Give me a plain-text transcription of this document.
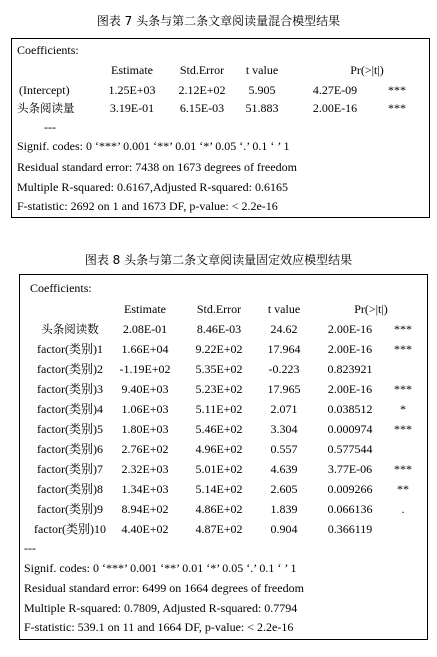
图表 7 头条与第二条文章阅读量混合模型结果
Coefficients:
Estimate	Std.Error	t value	Pr(>|t|)
(Intercept)	1.25E+03	2.12E+02	5.905	4.27E-09	***
头条阅读量	3.19E-01	6.15E-03	51.883	2.00E-16	***
---
Signif. codes: 0 ‘***’ 0.001 ‘**’ 0.01 ‘*’ 0.05 ‘.’ 0.1 ‘ ’ 1
Residual standard error: 7438 on 1673 degrees of freedom
Multiple R-squared: 0.6167,Adjusted R-squared: 0.6165
F-statistic: 2692 on 1 and 1673 DF, p-value: < 2.2e-16
图表 8 头条与第二条文章阅读量固定效应模型结果
Coefficients:
Estimate	Std.Error	t value	Pr(>|t|)
头条阅读数	2.08E-01	8.46E-03	24.62	2.00E-16	***
factor(类别)1	1.66E+04	9.22E+02	17.964	2.00E-16	***
factor(类别)2	-1.19E+02	5.35E+02	-0.223	0.823921
factor(类别)3	9.40E+03	5.23E+02	17.965	2.00E-16	***
factor(类别)4	1.06E+03	5.11E+02	2.071	0.038512	*
factor(类别)5	1.80E+03	5.46E+02	3.304	0.000974	***
factor(类别)6	2.76E+02	4.96E+02	0.557	0.577544
factor(类别)7	2.32E+03	5.01E+02	4.639	3.77E-06	***
factor(类别)8	1.34E+03	5.14E+02	2.605	0.009266	**
factor(类别)9	8.94E+02	4.86E+02	1.839	0.066136	.
factor(类别)10	4.40E+02	4.87E+02	0.904	0.366119
---
Signif. codes: 0 ‘***’ 0.001 ‘**’ 0.01 ‘*’ 0.05 ‘.’ 0.1 ‘ ’ 1
Residual standard error: 6499 on 1664 degrees of freedom
Multiple R-squared: 0.7809, Adjusted R-squared: 0.7794
F-statistic: 539.1 on 11 and 1664 DF, p-value: < 2.2e-16
